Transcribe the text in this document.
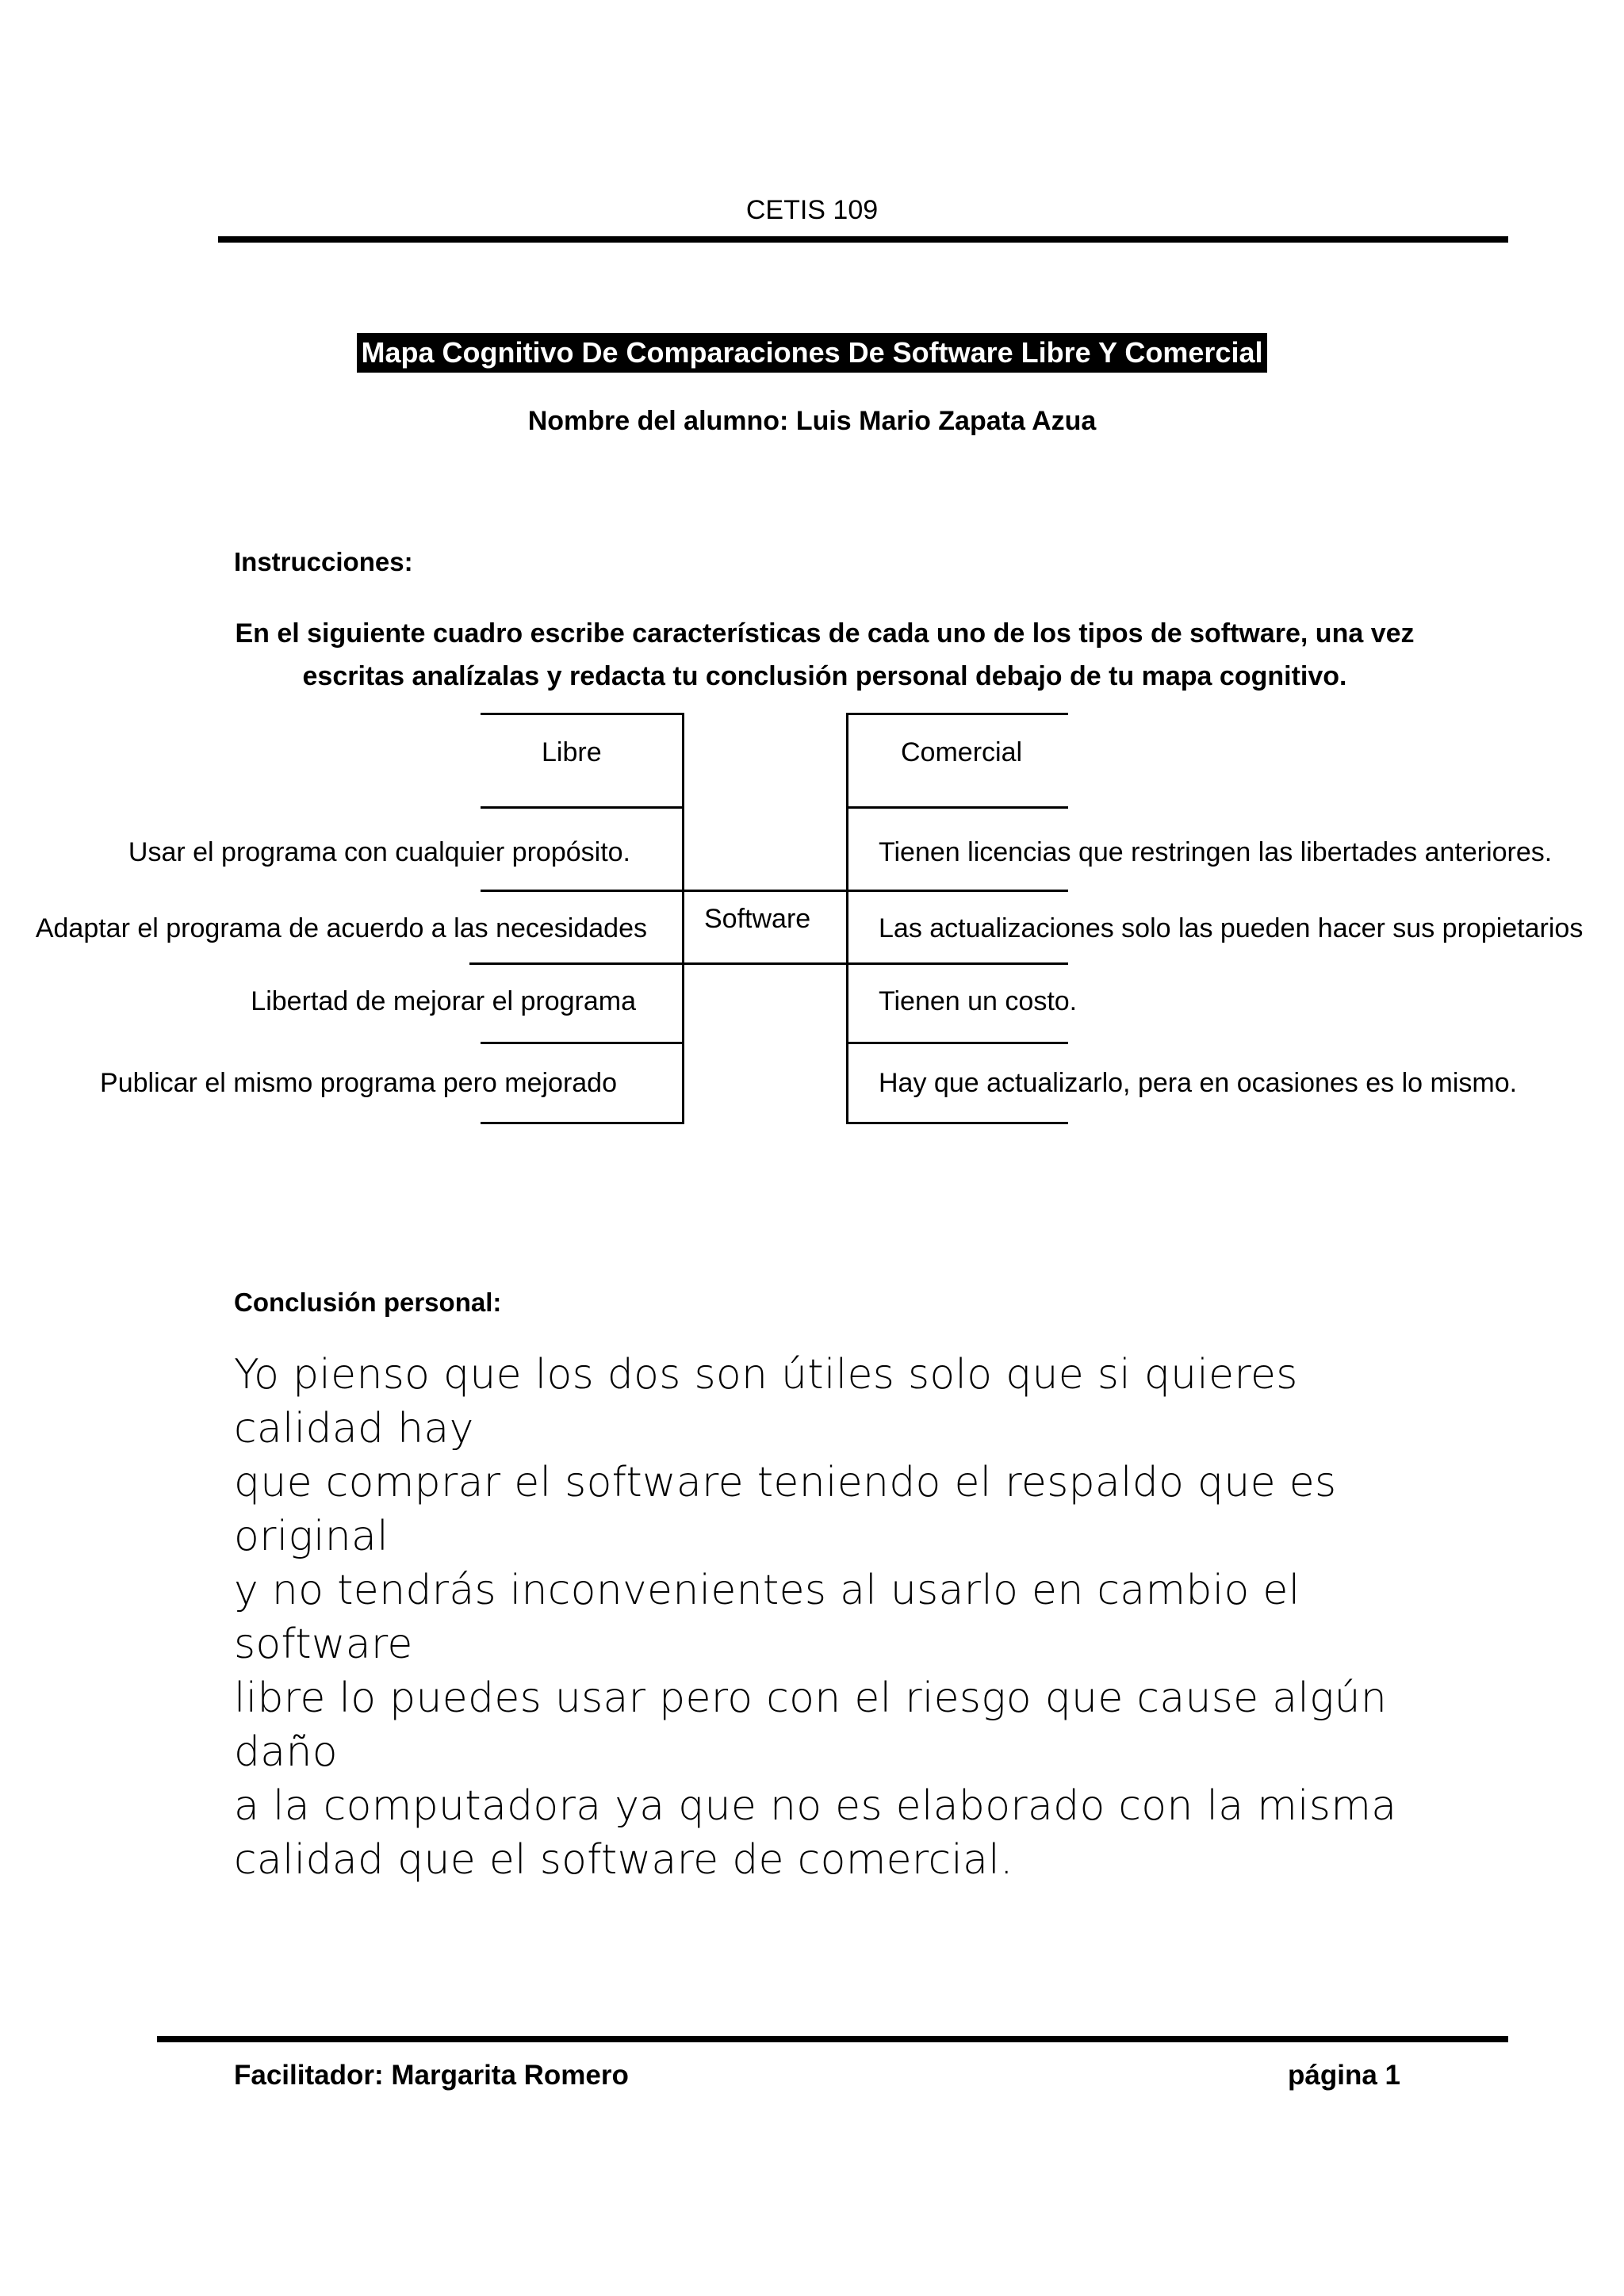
CETIS 109
Mapa Cognitivo De Comparaciones De Software Libre Y Comercial
Nombre del alumno: Luis Mario Zapata Azua
Instrucciones:
En el siguiente cuadro escribe características de cada uno de los tipos de software, una vez
escritas analízalas y redacta tu conclusión personal debajo de tu mapa cognitivo.
Libre	Comercial
Software
Usar el programa con cualquier propósito.
Adaptar el programa de acuerdo a las necesidades
Libertad de mejorar el programa
Publicar el mismo programa pero mejorado
Tienen licencias que restringen las libertades anteriores.
Las actualizaciones solo las pueden hacer sus propietarios
Tienen un costo.
Hay que actualizarlo, pera en ocasiones es lo mismo.
Conclusión personal:
Yo pienso que los dos son útiles solo que si quieres calidad hay
que comprar el software teniendo el respaldo que es original
y no tendrás inconvenientes al usarlo en cambio el software
libre lo puedes usar pero con el riesgo que cause algún daño
a la computadora ya que no es elaborado con la misma
calidad que el software de comercial.
Facilitador: Margarita Romero	página 1
